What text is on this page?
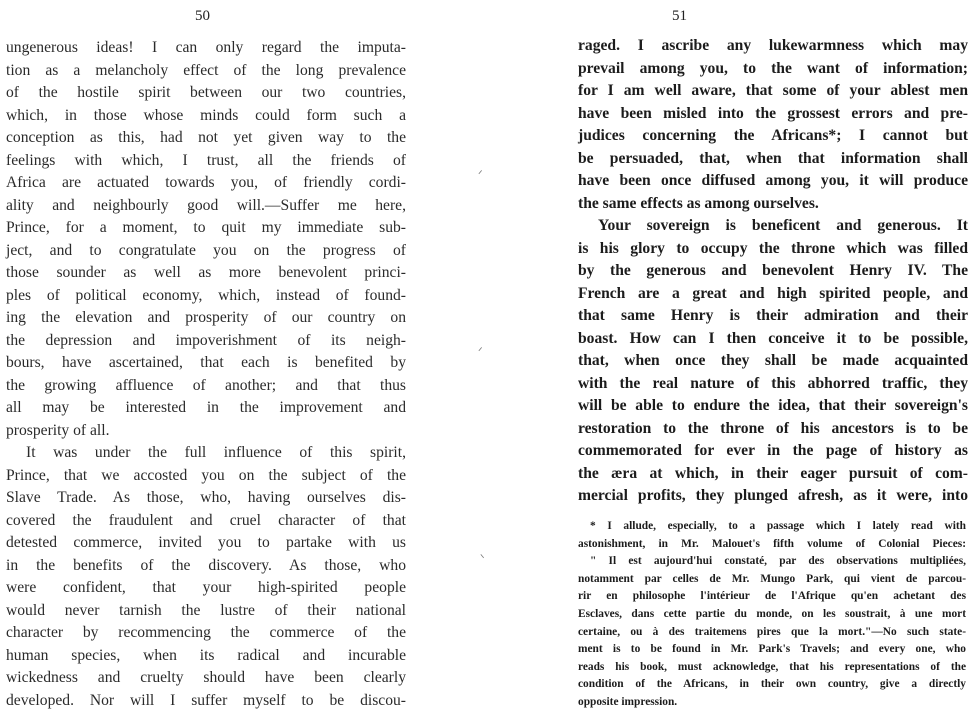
50
ungenerous ideas! I can only regard the imputa-
tion as a melancholy effect of the long prevalence
of the hostile spirit between our two countries,
which, in those whose minds could form such a
conception as this, had not yet given way to the
feelings with which, I trust, all the friends of
Africa are actuated towards you, of friendly cordi-
ality and neighbourly good will.—Suffer me here,
Prince, for a moment, to quit my immediate sub-
ject, and to congratulate you on the progress of
those sounder as well as more benevolent princi-
ples of political economy, which, instead of found-
ing the elevation and prosperity of our country on
the depression and impoverishment of its neigh-
bours, have ascertained, that each is benefited by
the growing affluence of another; and that thus
all may be interested in the improvement and
prosperity of all.
It was under the full influence of this spirit,
Prince, that we accosted you on the subject of the
Slave Trade. As those, who, having ourselves dis-
covered the fraudulent and cruel character of that
detested commerce, invited you to partake with us
in the benefits of the discovery. As those, who
were confident, that your high-spirited people
would never tarnish the lustre of their national
character by recommencing the commerce of the
human species, when its radical and incurable
wickedness and cruelty should have been clearly
developed. Nor will I suffer myself to be discou-
ᐟ
ᐟ
ᐠ
51
raged. I ascribe any lukewarmness which may
prevail among you, to the want of information;
for I am well aware, that some of your ablest men
have been misled into the grossest errors and pre-
judices concerning the Africans*; I cannot but
be persuaded, that, when that information shall
have been once diffused among you, it will produce
the same effects as among ourselves.
Your sovereign is beneficent and generous. It
is his glory to occupy the throne which was filled
by the generous and benevolent Henry IV. The
French are a great and high spirited people, and
that same Henry is their admiration and their
boast. How can I then conceive it to be possible,
that, when once they shall be made acquainted
with the real nature of this abhorred traffic, they
will be able to endure the idea, that their sovereign's
restoration to the throne of his ancestors is to be
commemorated for ever in the page of history as
the æra at which, in their eager pursuit of com-
mercial profits, they plunged afresh, as it were, into
* I allude, especially, to a passage which I lately read with
astonishment, in Mr. Malouet's fifth volume of Colonial Pieces:
" Il est aujourd'hui constaté, par des observations multipliées,
notamment par celles de Mr. Mungo Park, qui vient de parcou-
rir en philosophe l'intérieur de l'Afrique qu'en achetant des
Esclaves, dans cette partie du monde, on les soustrait, à une mort
certaine, ou à des traitemens pires que la mort."—No such state-
ment is to be found in Mr. Park's Travels; and every one, who
reads his book, must acknowledge, that his representations of the
condition of the Africans, in their own country, give a directly
opposite impression.
